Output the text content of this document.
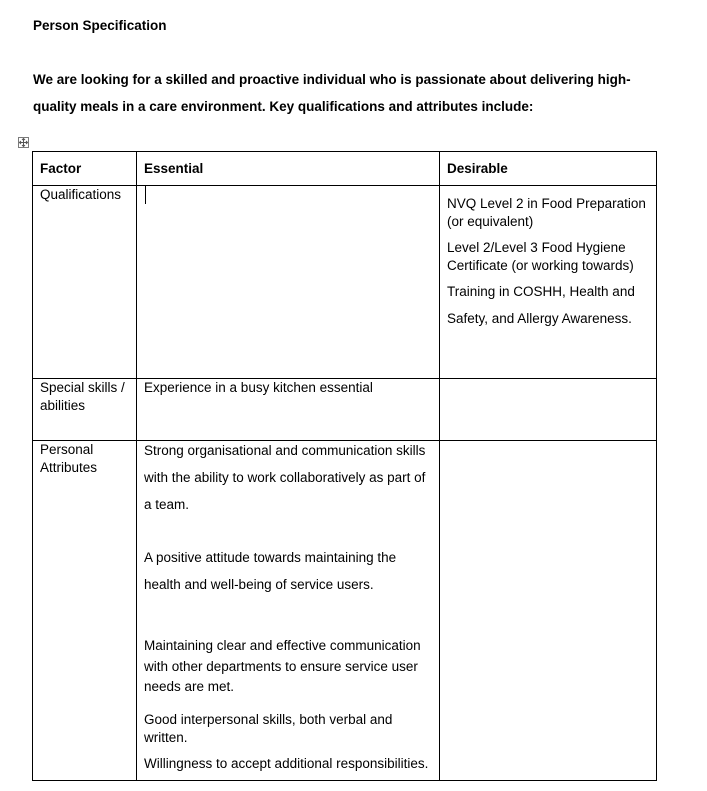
Person Specification
We are looking for a skilled and proactive individual who is passionate about delivering high-quality meals in a care environment. Key qualifications and attributes include:
Factor	Essential	Desirable
Qualifications		NVQ Level 2 in Food Preparation (or equivalent)

Level 2/Level 3 Food Hygiene Certificate (or working towards)

Training in COSHH, Health and Safety, and Allergy Awareness.

Special skills / abilities	Experience in a busy kitchen essential	

Personal Attributes	Strong organisational and communication skills with the ability to work collaboratively as part of a team.

A positive attitude towards maintaining the health and well-being of service users.

Maintaining clear and effective communication with other departments to ensure service user needs are met.

Good interpersonal skills, both verbal and written.

Willingness to accept additional responsibilities.	
